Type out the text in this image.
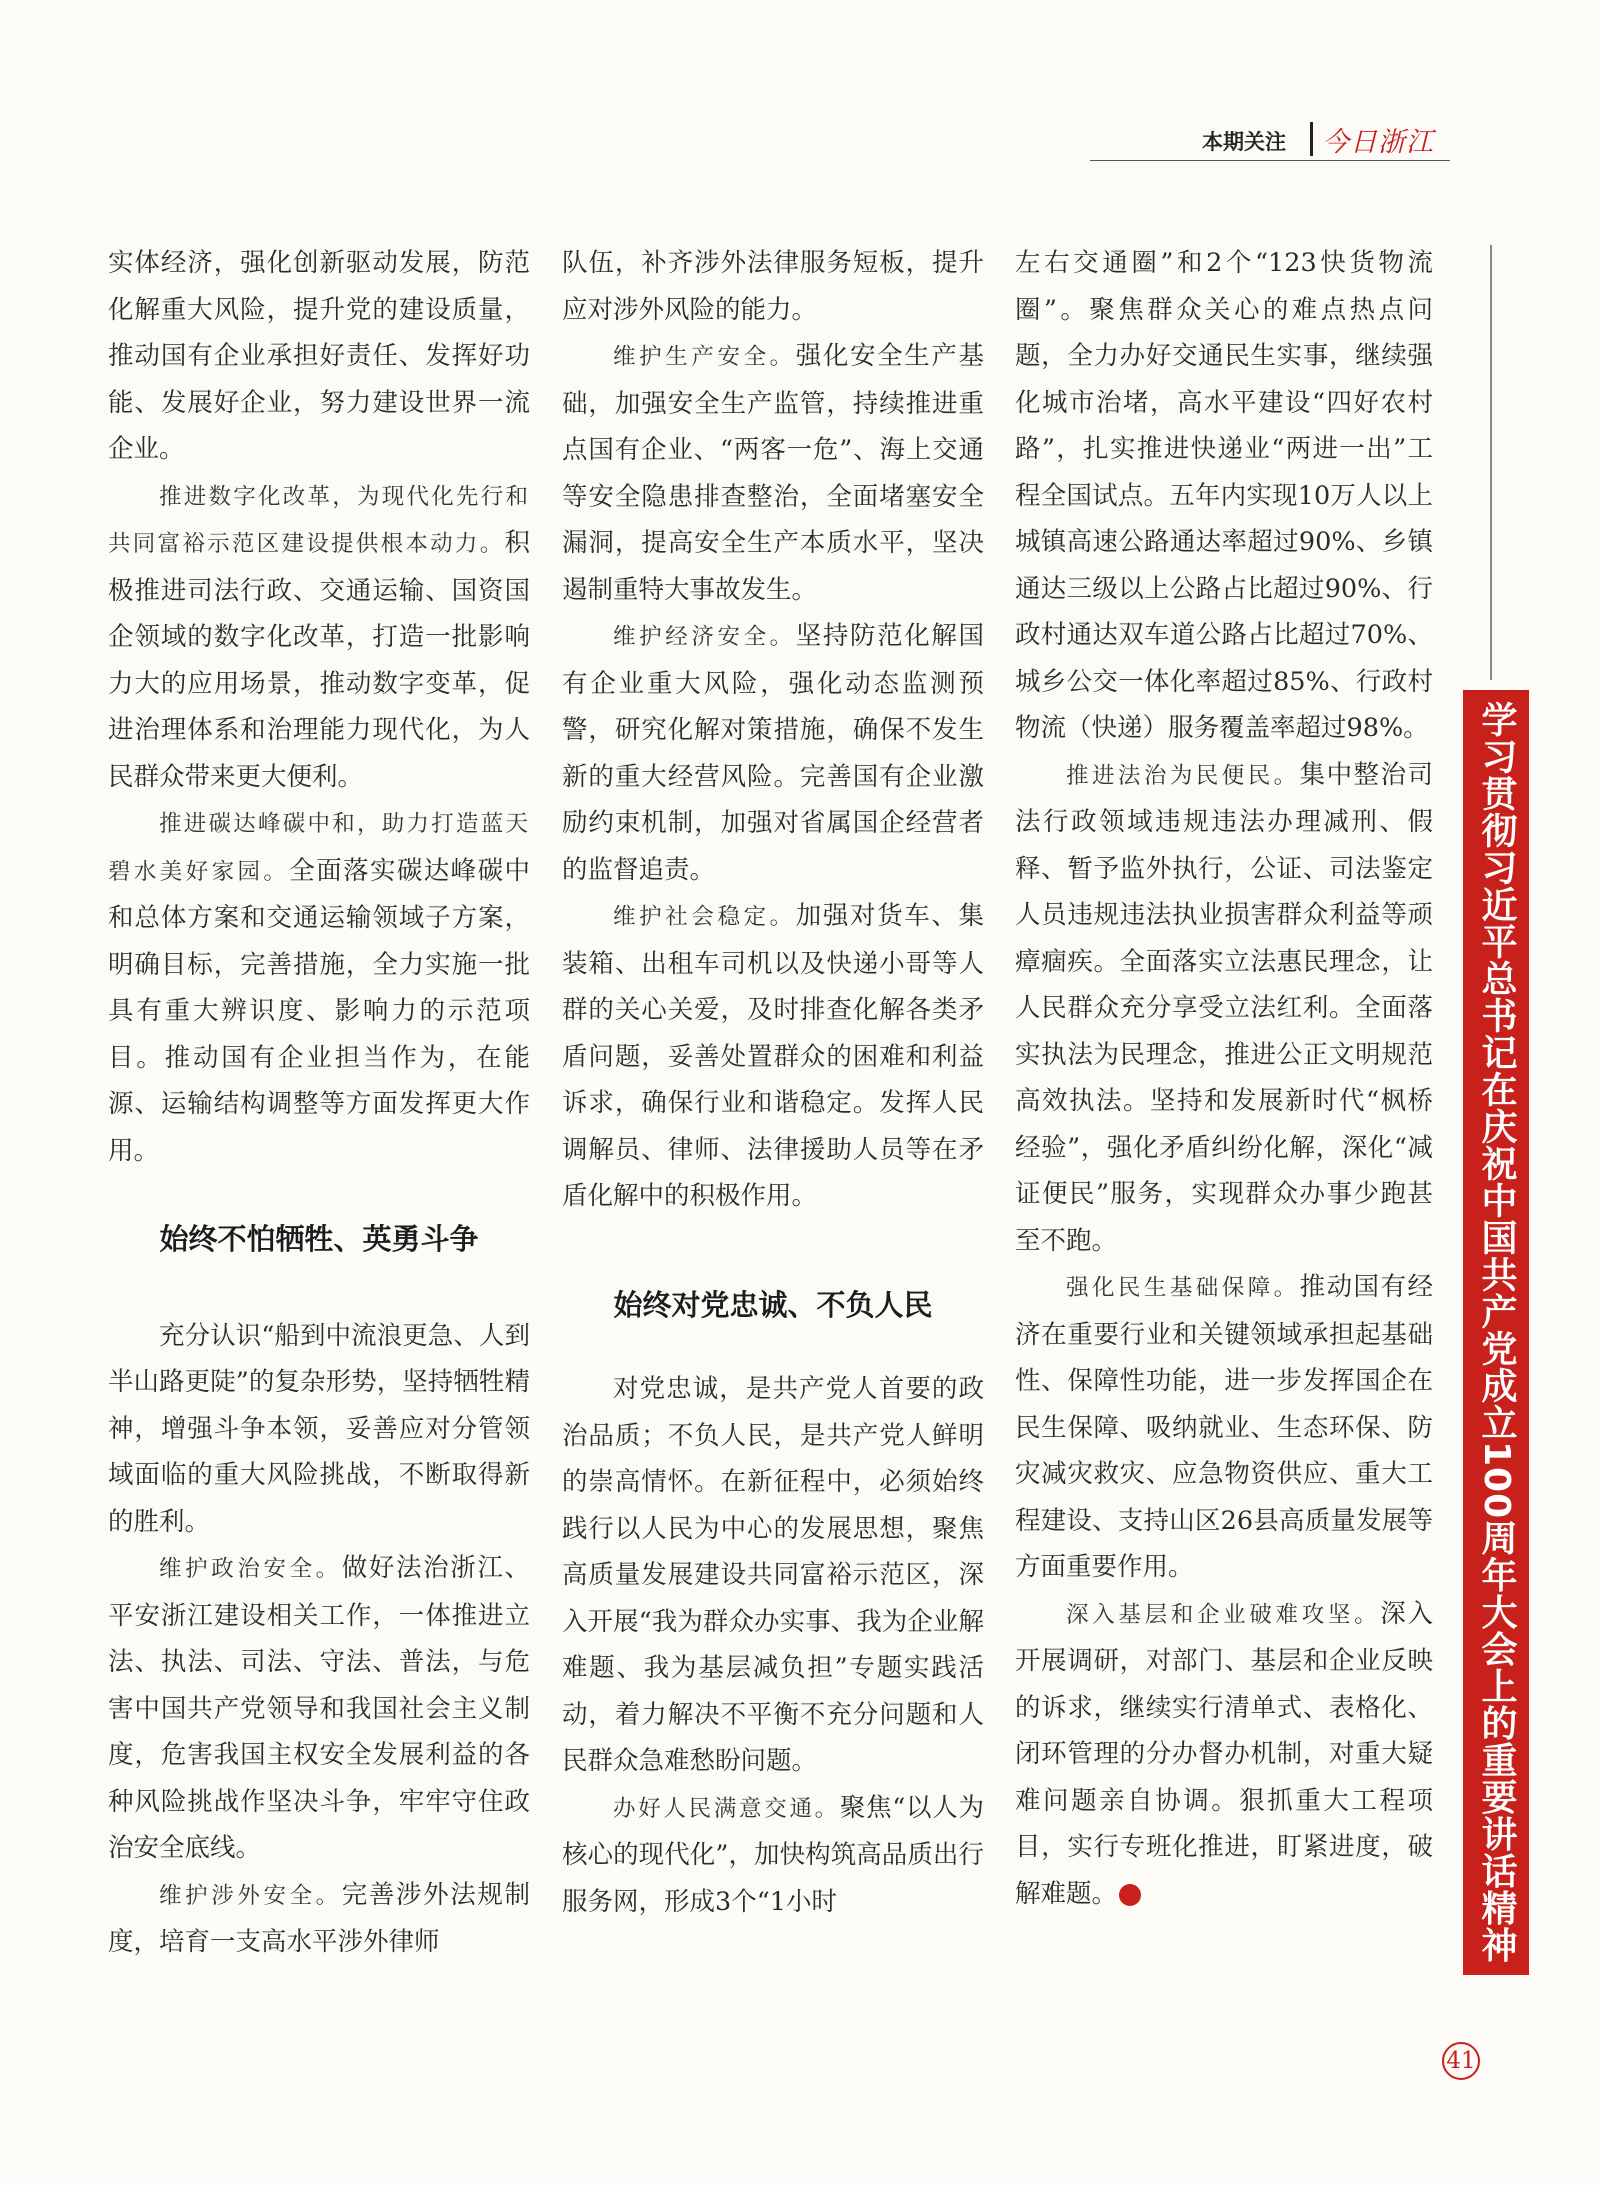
本期关注 今日浙江
学习贯彻习近平总书记在庆祝中国共产党成立100周年大会上的重要讲话精神

实体经济，强化创新驱动发展，防范化解重大风险，提升党的建设质量，推动国有企业承担好责任、发挥好功能、发展好企业，努力建设世界一流企业。

推进数字化改革，为现代化先行和共同富裕示范区建设提供根本动力。积极推进司法行政、交通运输、国资国企领域的数字化改革，打造一批影响力大的应用场景，推动数字变革，促进治理体系和治理能力现代化，为人民群众带来更大便利。

推进碳达峰碳中和，助力打造蓝天碧水美好家园。全面落实碳达峰碳中和总体方案和交通运输领域子方案，明确目标，完善措施，全力实施一批具有重大辨识度、影响力的示范项目。推动国有企业担当作为，在能源、运输结构调整等方面发挥更大作用。

始终不怕牺牲、英勇斗争

充分认识“船到中流浪更急、人到半山路更陡”的复杂形势，坚持牺牲精神，增强斗争本领，妥善应对分管领域面临的重大风险挑战，不断取得新的胜利。

维护政治安全。做好法治浙江、平安浙江建设相关工作，一体推进立法、执法、司法、守法、普法，与危害中国共产党领导和我国社会主义制度，危害我国主权安全发展利益的各种风险挑战作坚决斗争，牢牢守住政治安全底线。

维护涉外安全。完善涉外法规制度，培育一支高水平涉外律师

队伍，补齐涉外法律服务短板，提升应对涉外风险的能力。

维护生产安全。强化安全生产基础，加强安全生产监管，持续推进重点国有企业、“两客一危”、海上交通等安全隐患排查整治，全面堵塞安全漏洞，提高安全生产本质水平，坚决遏制重特大事故发生。

维护经济安全。坚持防范化解国有企业重大风险，强化动态监测预警，研究化解对策措施，确保不发生新的重大经营风险。完善国有企业激励约束机制，加强对省属国企经营者的监督追责。

维护社会稳定。加强对货车、集装箱、出租车司机以及快递小哥等人群的关心关爱，及时排查化解各类矛盾问题，妥善处置群众的困难和利益诉求，确保行业和谐稳定。发挥人民调解员、律师、法律援助人员等在矛盾化解中的积极作用。

始终对党忠诚、不负人民

对党忠诚，是共产党人首要的政治品质；不负人民，是共产党人鲜明的崇高情怀。在新征程中，必须始终践行以人民为中心的发展思想，聚焦高质量发展建设共同富裕示范区，深入开展“我为群众办实事、我为企业解难题、我为基层减负担”专题实践活动，着力解决不平衡不充分问题和人民群众急难愁盼问题。

办好人民满意交通。聚焦“以人为核心的现代化”，加快构筑高品质出行服务网，形成3个“1小时

左右交通圈”和2个“123快货物流圈”。聚焦群众关心的难点热点问题，全力办好交通民生实事，继续强化城市治堵，高水平建设“四好农村路”，扎实推进快递业“两进一出”工程全国试点。五年内实现10万人以上城镇高速公路通达率超过90%、乡镇通达三级以上公路占比超过90%、行政村通达双车道公路占比超过70%、城乡公交一体化率超过85%、行政村物流（快递）服务覆盖率超过98%。

推进法治为民便民。集中整治司法行政领域违规违法办理减刑、假释、暂予监外执行，公证、司法鉴定人员违规违法执业损害群众利益等顽瘴痼疾。全面落实立法惠民理念，让人民群众充分享受立法红利。全面落实执法为民理念，推进公正文明规范高效执法。坚持和发展新时代“枫桥经验”，强化矛盾纠纷化解，深化“减证便民”服务，实现群众办事少跑甚至不跑。

强化民生基础保障。推动国有经济在重要行业和关键领域承担起基础性、保障性功能，进一步发挥国企在民生保障、吸纳就业、生态环保、防灾减灾救灾、应急物资供应、重大工程建设、支持山区26县高质量发展等方面重要作用。

深入基层和企业破难攻坚。深入开展调研，对部门、基层和企业反映的诉求，继续实行清单式、表格化、闭环管理的分办督办机制，对重大疑难问题亲自协调。狠抓重大工程项目，实行专班化推进，盯紧进度，破解难题。

41
